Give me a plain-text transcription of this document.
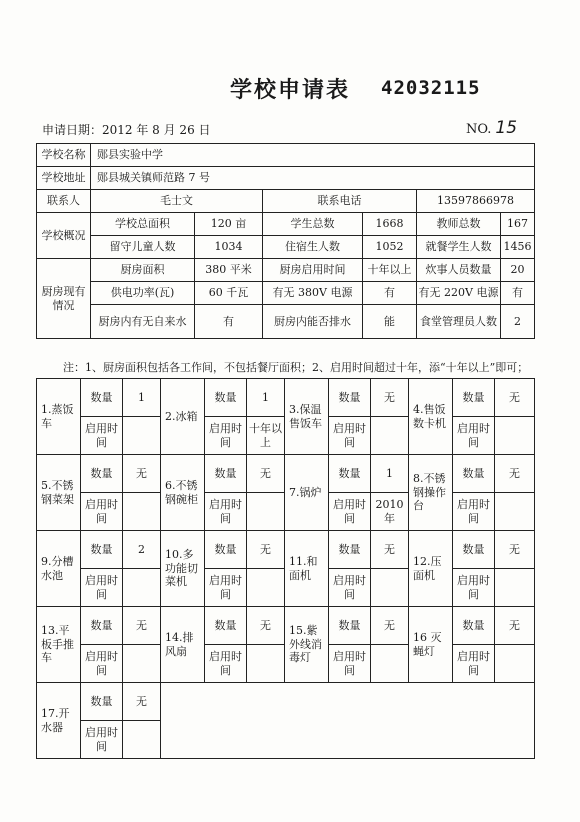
学校申请表 42032115
申请日期：2012 年 8 月 26 日	NO. 15
学校名称	郧县实验中学					
学校地址	郧县城关镇师范路 7 号					
联系人	毛士文		联系电话		13597866978	
学校概况	学校总面积	120 亩	学生总数	1668	教师总数	167
	留守儿童人数	1034	住宿生人数	1052	就餐学生人数	1456
厨房现有情况	厨房面积	380 平米	厨房启用时间	十年以上	炊事人员数量	20
	供电功率(瓦)	60 千瓦	有无 380V 电源	有	有无 220V 电源	有
	厨房内有无自来水	有	厨房内能否排水	能	食堂管理员人数	2
注：1、厨房面积包括各工作间，不包括餐厅面积；2、启用时间超过十年，添“十年以上”即可；
1.蒸饭车	数量	1	2.冰箱	数量	1	3.保温售饭车	数量	无	4.售饭数卡机	数量	无
	启用时间			启用时间	十年以上		启用时间			启用时间	
5.不锈钢菜架	数量	无	6.不锈钢碗柜	数量	无	7.锅炉	数量	1	8.不锈钢操作台	数量	无
	启用时间			启用时间			启用时间	2010 年		启用时间	
9.分槽水池	数量	2	10.多功能切菜机	数量	无	11.和面机	数量	无	12.压面机	数量	无
	启用时间			启用时间			启用时间			启用时间	
13.平板手推车	数量	无	14.排风扇	数量	无	15.紫外线消毒灯	数量	无	16 灭蝇灯	数量	无
	启用时间			启用时间			启用时间			启用时间	
17.开水器	数量	无									
	启用时间										
